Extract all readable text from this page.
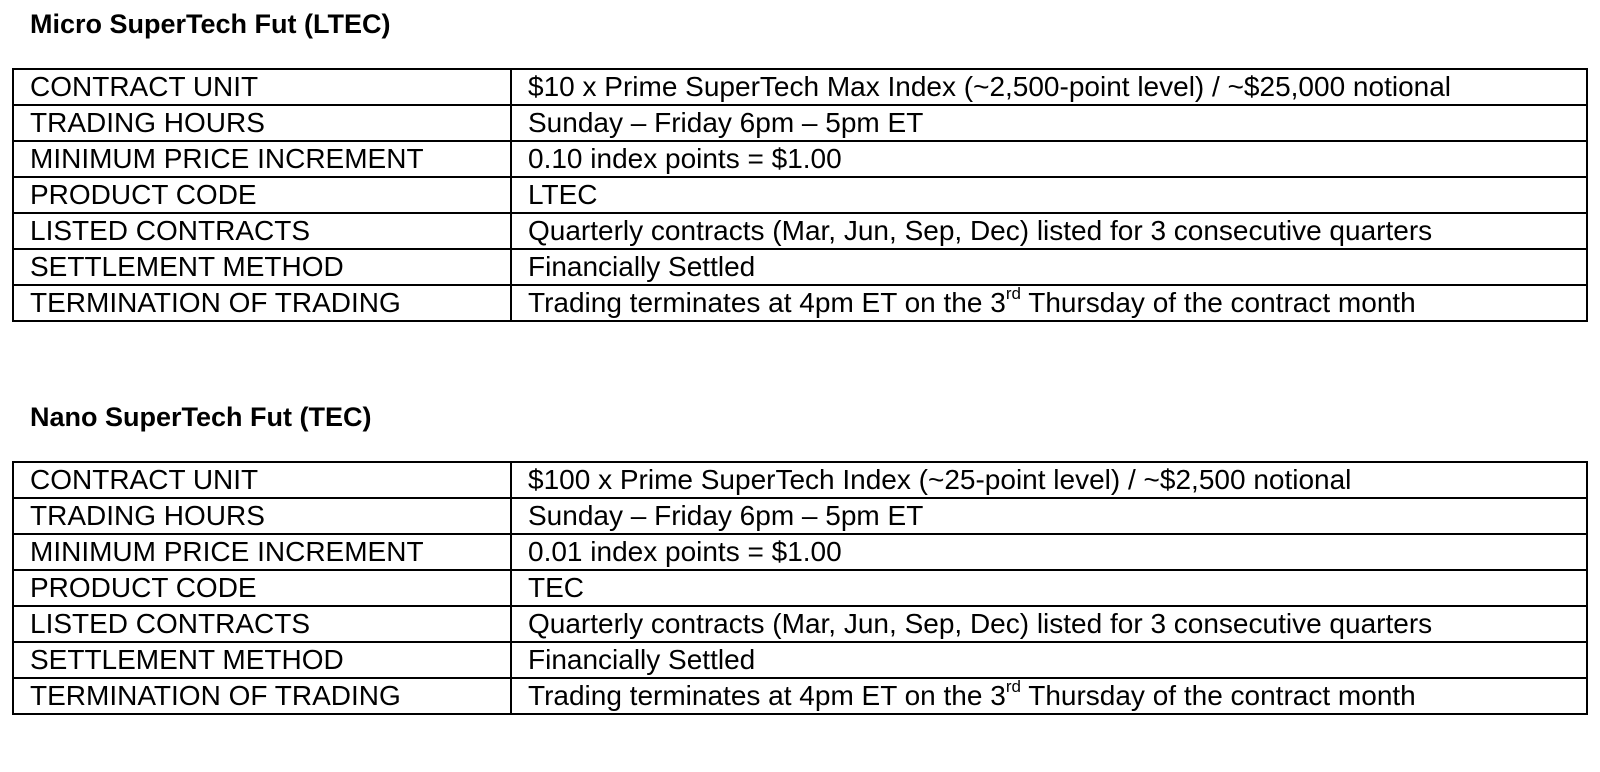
Micro SuperTech Fut (LTEC)
CONTRACT UNIT	$10 x Prime SuperTech Max Index (~2,500-point level) / ~$25,000 notional
TRADING HOURS	Sunday – Friday 6pm – 5pm ET
MINIMUM PRICE INCREMENT	0.10 index points = $1.00
PRODUCT CODE	LTEC
LISTED CONTRACTS	Quarterly contracts (Mar, Jun, Sep, Dec) listed for 3 consecutive quarters
SETTLEMENT METHOD	Financially Settled
TERMINATION OF TRADING	Trading terminates at 4pm ET on the 3rd Thursday of the contract month
Nano SuperTech Fut (TEC)
CONTRACT UNIT	$100 x Prime SuperTech Index (~25-point level) / ~$2,500 notional
TRADING HOURS	Sunday – Friday 6pm – 5pm ET
MINIMUM PRICE INCREMENT	0.01 index points = $1.00
PRODUCT CODE	TEC
LISTED CONTRACTS	Quarterly contracts (Mar, Jun, Sep, Dec) listed for 3 consecutive quarters
SETTLEMENT METHOD	Financially Settled
TERMINATION OF TRADING	Trading terminates at 4pm ET on the 3rd Thursday of the contract month
